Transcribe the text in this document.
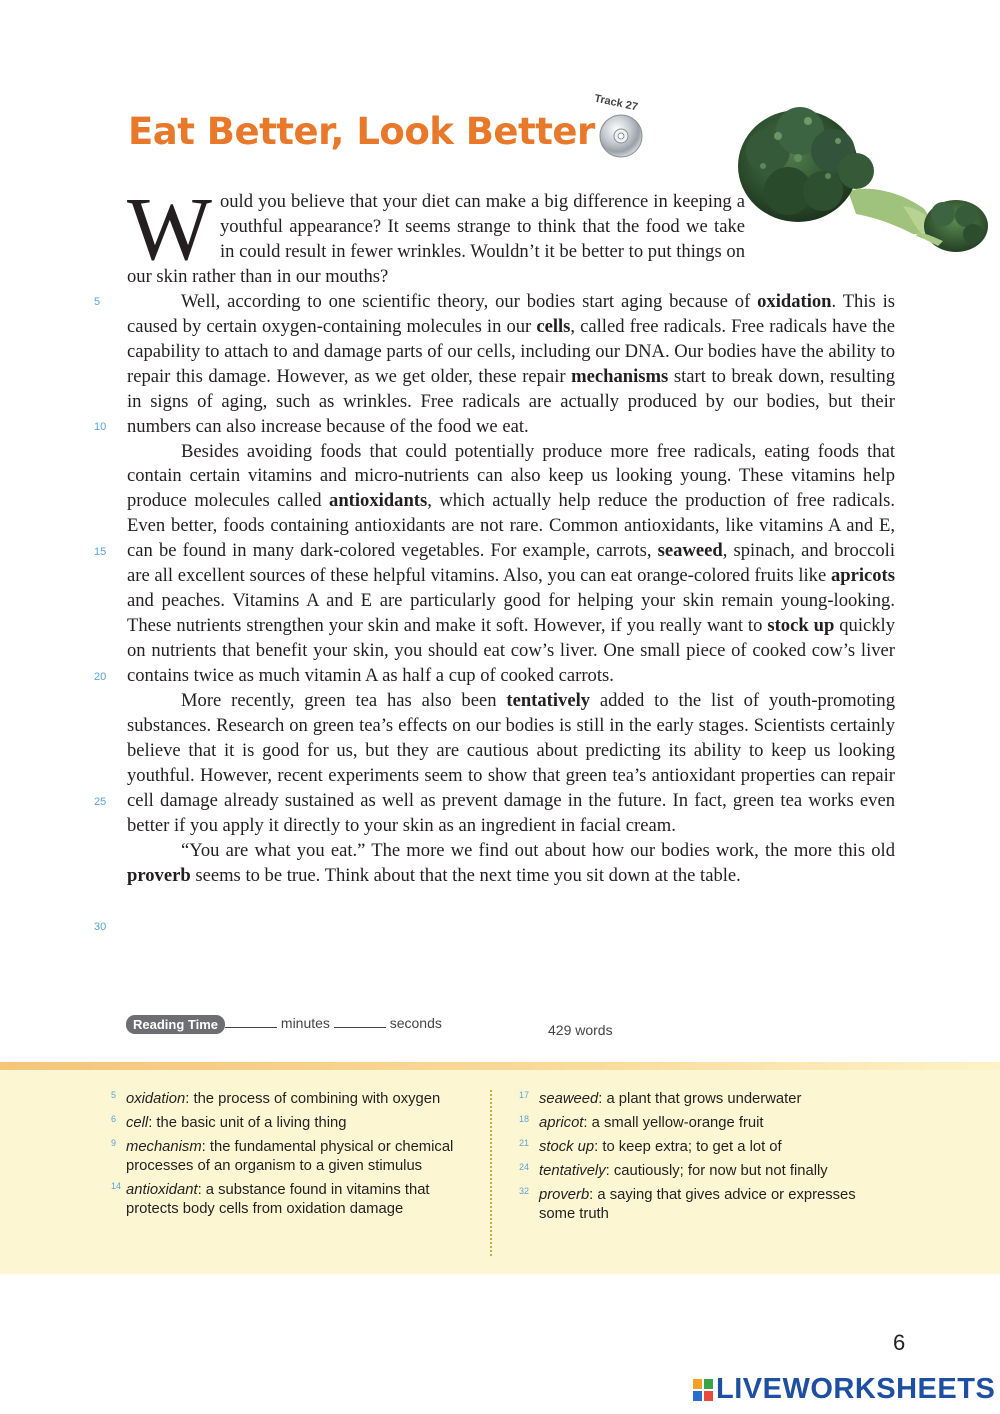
Eat Better, Look Better
Track 27
5
10
15
20
25
30

Would you believe that your diet can make a big difference in keeping a youthful appearance? It seems strange to think that the food we take in could result in fewer wrinkles. Wouldn’t it be better to put things on our skin rather than in our mouths?

Well, according to one scientific theory, our bodies start aging because of oxidation. This is caused by certain oxygen-containing molecules in our cells, called free radicals. Free radicals have the capability to attach to and damage parts of our cells, including our DNA. Our bodies have the ability to repair this damage. However, as we get older, these repair mechanisms start to break down, resulting in signs of aging, such as wrinkles. Free radicals are actually produced by our bodies, but their numbers can also increase because of the food we eat.

Besides avoiding foods that could potentially produce more free radicals, eating foods that contain certain vitamins and micro-nutrients can also keep us looking young. These vitamins help produce molecules called antioxidants, which actually help reduce the production of free radicals. Even better, foods containing antioxidants are not rare. Common antioxidants, like vitamins A and E, can be found in many dark-colored vegetables. For example, carrots, seaweed, spinach, and broccoli are all excellent sources of these helpful vitamins. Also, you can eat orange-colored fruits like apricots and peaches. Vitamins A and E are particularly good for helping your skin remain young-looking. These nutrients strengthen your skin and make it soft. However, if you really want to stock up quickly on nutrients that benefit your skin, you should eat cow’s liver. One small piece of cooked cow’s liver contains twice as much vitamin A as half a cup of cooked carrots.

More recently, green tea has also been tentatively added to the list of youth-promoting substances. Research on green tea’s effects on our bodies is still in the early stages. Scientists certainly believe that it is good for us, but they are cautious about predicting its ability to keep us looking youthful. However, recent experiments seem to show that green tea’s antioxidant properties can repair cell damage already sustained as well as prevent damage in the future. In fact, green tea works even better if you apply it directly to your skin as an ingredient in facial cream.

“You are what you eat.” The more we find out about how our bodies work, the more this old proverb seems to be true. Think about that the next time you sit down at the table.

Reading Time	minutes	seconds	429 words
5 oxidation: the process of combining with oxygen
6 cell: the basic unit of a living thing
9 mechanism: the fundamental physical or chemical processes of an organism to a given stimulus
14 antioxidant: a substance found in vitamins that protects body cells from oxidation damage
17 seaweed: a plant that grows underwater
18 apricot: a small yellow-orange fruit
21 stock up: to keep extra; to get a lot of
24 tentatively: cautiously; for now but not finally
32 proverb: a saying that gives advice or expresses some truth
6
LIVEWORKSHEETS
